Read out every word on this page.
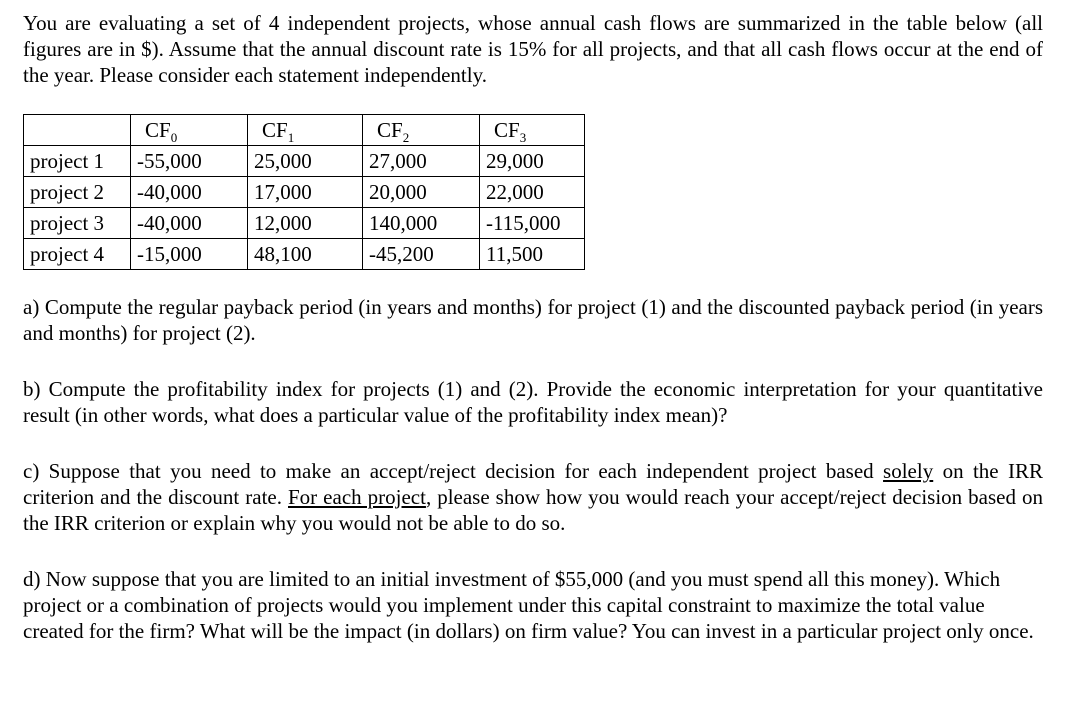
You are evaluating a set of 4 independent projects, whose annual cash flows are summarized in the table below (all figures are in $). Assume that the annual discount rate is 15% for all projects, and that all cash flows occur at the end of the year. Please consider each statement independently.

	$CF_0$	$CF_1$	$CF_2$	$CF_3$
project 1	-55,000	25,000	27,000	29,000
project 2	-40,000	17,000	20,000	22,000
project 3	-40,000	12,000	140,000	-115,000
project 4	-15,000	48,100	-45,200	11,500

a) Compute the regular payback period (in years and months) for project (1) and the discounted payback period (in years and months) for project (2).

b) Compute the profitability index for projects (1) and (2). Provide the economic interpretation for your quantitative result (in other words, what does a particular value of the profitability index mean)?

c) Suppose that you need to make an accept/reject decision for each independent project based solely on the IRR criterion and the discount rate. For each project, please show how you would reach your accept/reject decision based on the IRR criterion or explain why you would not be able to do so.

d) Now suppose that you are limited to an initial investment of $55,000 (and you must spend all this money). Which project or a combination of projects would you implement under this capital constraint to maximize the total value created for the firm? What will be the impact (in dollars) on firm value? You can invest in a particular project only once.
